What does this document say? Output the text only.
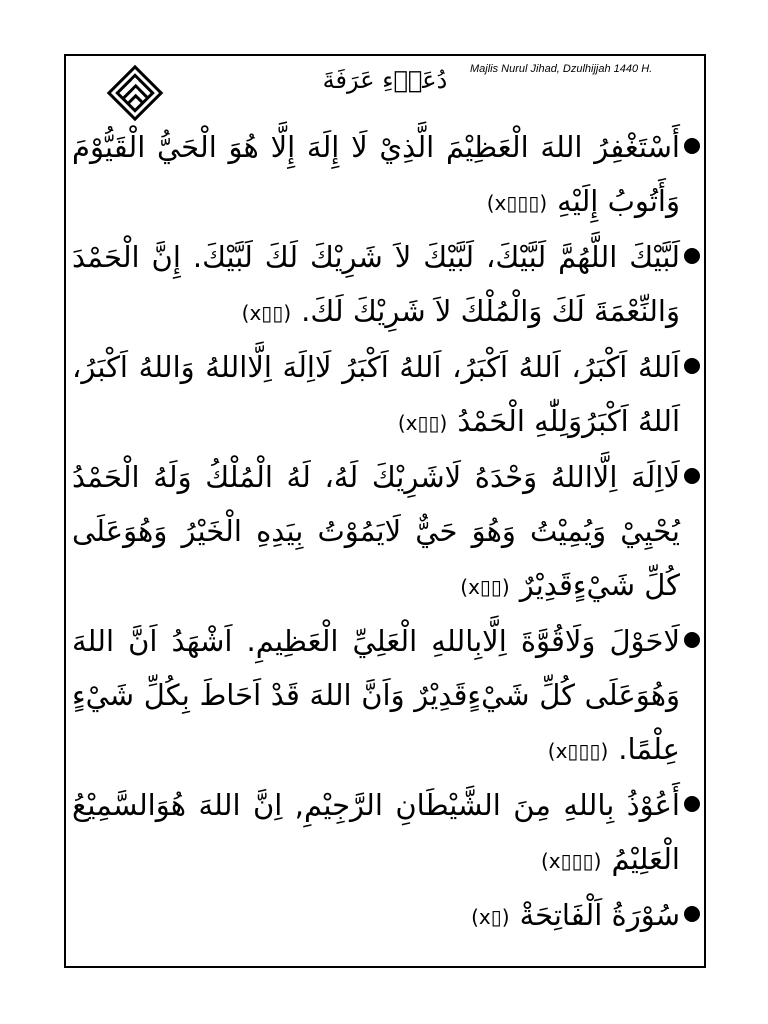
دُعَاۤءِ عَرَفَةَ Majlis Nurul Jihad, Dzulhijjah 1440 H.
أَسْتَغْفِرُ اللهَ الْعَظِيْمَ الَّذِيْ لَا إِلَهَ إِلَّا هُوَ الْحَيُّ الْقَيُّوْمَ وَأَتُوبُ إِلَيْهِ(x▯▯▯)
لَبَّيْكَ اللَّهُمَّ لَبَّيْكَ، لَبَّيْكَ لاَ شَرِيْكَ لَكَ لَبَّيْكَ. إِنَّ الْحَمْدَ وَالنِّعْمَةَ لَكَ وَالْمُلْكَ لاَ شَرِيْكَ لَكَ.(x▯▯)
اَللهُ اَكْبَرُ، اَللهُ اَكْبَرُ، اَللهُ اَكْبَرُ لَااِلَهَ اِلَّااللهُ وَاللهُ اَكْبَرُ، اَللهُ اَكْبَرُوَلِلّٰهِ الْحَمْدُ(x▯▯)
لَااِلَهَ اِلَّااللهُ وَحْدَهُ لَاشَرِيْكَ لَهُ، لَهُ الْمُلْكُ وَلَهُ الْحَمْدُ يُحْيِيْ وَيُمِيْتُ وَهُوَ حَيٌّ لَايَمُوْتُ بِيَدِهِ الْخَيْرُ وَهُوَعَلَى كُلِّ شَيْءٍقَدِيْرٌ(x▯▯)
لَاحَوْلَ وَلَاقُوَّةَ اِلَّابِاللهِ الْعَلِيِّ الْعَظِيمِ. اَشْهَدُ اَنَّ اللهَ وَهُوَعَلَى كُلِّ شَيْءٍقَدِيْرٌ وَاَنَّ اللهَ قَدْ اَحَاطَ بِكُلِّ شَيْءٍ عِلْمًا.(x▯▯▯)
أَعُوْذُ بِاللهِ مِنَ الشَّيْطَانِ الرَّجِيْمِ, اِنَّ اللهَ هُوَالسَّمِيْعُ الْعَلِيْمُ(x▯▯▯)
سُوْرَةُ اَلْفَاتِحَةْ(x▯)
